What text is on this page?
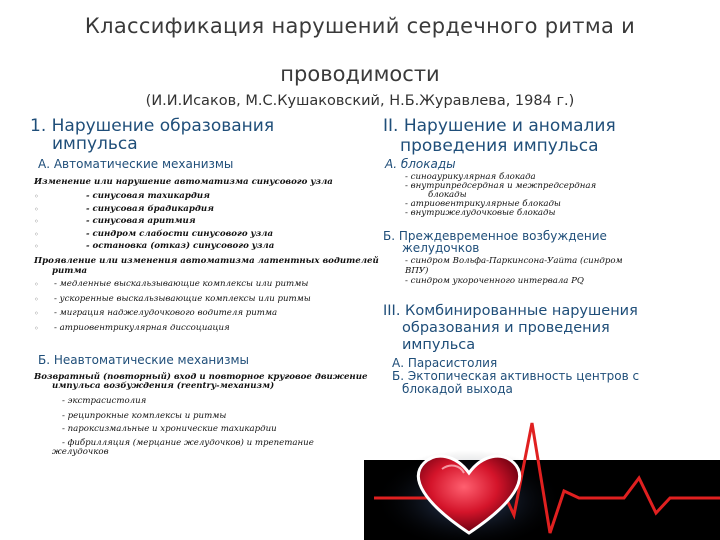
Классификация нарушений сердечного ритма и
проводимости
(И.И.Исаков, М.С.Кушаковский, Н.Б.Журавлева, 1984 г.)
1. Нарушение образования
импульса
А. Автоматические механизмы
Изменение или нарушение автоматизма синусового узла
◦ - синусовая тахикардия
◦ - синусовая брадикардия
◦ - синусовая аритмия
◦ - синдром слабости синусового узла
◦ - остановка (отказ) синусового узла
Проявление или изменения автоматизма латентных водителей
ритма
◦ - медленные выскальзывающие комплексы или ритмы
◦ - ускоренные выскальзывающие комплексы или ритмы
◦ - миграция наджелудочкового водителя ритма
◦ - атриовентрикулярная диссоциация
Б. Неавтоматические механизмы
Возвратный (повторный) вход и повторное круговое движение
импульса возбуждения (reentry-механизм)
- экстрасистолия
- реципрокные комплексы и ритмы
- пароксизмальные и хронические тахикардии
- фибрилляция (мерцание желудочков) и трепетание
желудочков
II. Нарушение и аномалия
проведения импульса
А. блокады
- синоаурикулярная блокада
- внутрипредсердная и межпредсердная
блокады
- атриовентрикулярные блокады
- внутрижелудочковые блокады
Б. Преждевременное возбуждение
желудочков
- синдром Вольфа-Паркинсона-Уайта (синдром
ВПУ)
- синдром укороченного интервала PQ
III. Комбинированные нарушения
образования и проведения
импульса
А. Парасистолия
Б. Эктопическая активность центров с
блокадой выхода
